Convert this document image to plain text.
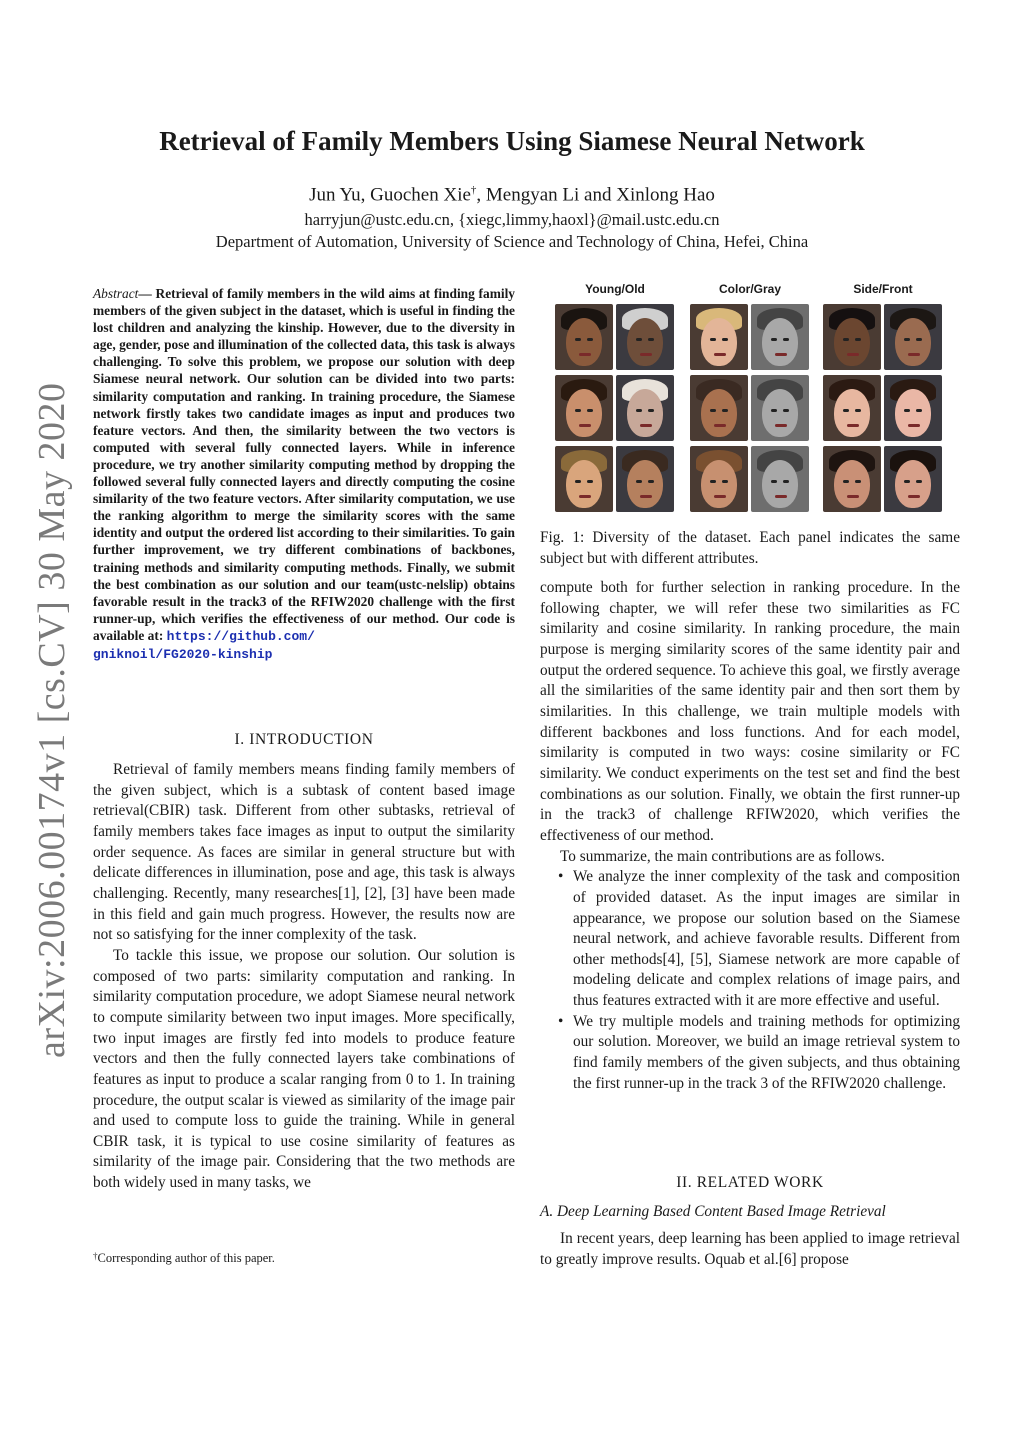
arXiv:2006.00174v1 [cs.CV] 30 May 2020
Retrieval of Family Members Using Siamese Neural Network
Jun Yu, Guochen Xie†, Mengyan Li and Xinlong Hao
harryjun@ustc.edu.cn, {xiegc,limmy,haoxl}@mail.ustc.edu.cn
Department of Automation, University of Science and Technology of China, Hefei, China
Abstract— Retrieval of family members in the wild aims at finding family members of the given subject in the dataset, which is useful in finding the lost children and analyzing the kinship. However, due to the diversity in age, gender, pose and illumination of the collected data, this task is always challenging. To solve this problem, we propose our solution with deep Siamese neural network. Our solution can be divided into two parts: similarity computation and ranking. In training procedure, the Siamese network firstly takes two candidate images as input and produces two feature vectors. And then, the similarity between the two vectors is computed with several fully connected layers. While in inference procedure, we try another similarity computing method by dropping the followed several fully connected layers and directly computing the cosine similarity of the two feature vectors. After similarity computation, we use the ranking algorithm to merge the similarity scores with the same identity and output the ordered list according to their similarities. To gain further improvement, we try different combinations of backbones, training methods and similarity computing methods. Finally, we submit the best combination as our solution and our team(ustc-nelslip) obtains favorable result in the track3 of the RFIW2020 challenge with the first runner-up, which verifies the effectiveness of our method. Our code is available at: https://github.com/
gniknoil/FG2020-kinship
I. INTRODUCTION

Retrieval of family members means finding family members of the given subject, which is a subtask of content based image retrieval(CBIR) task. Different from other subtasks, retrieval of family members takes face images as input to output the similarity order sequence. As faces are similar in general structure but with delicate differences in illumination, pose and age, this task is always challenging. Recently, many researches[1], [2], [3] have been made in this field and gain much progress. However, the results now are not so satisfying for the inner complexity of the task.

To tackle this issue, we propose our solution. Our solution is composed of two parts: similarity computation and ranking. In similarity computation procedure, we adopt Siamese neural network to compute similarity between two input images. More specifically, two input images are firstly fed into models to produce feature vectors and then the fully connected layers take combinations of features as input to produce a scalar ranging from 0 to 1. In training procedure, the output scalar is viewed as similarity of the image pair and used to compute loss to guide the training. While in general CBIR task, it is typical to use cosine similarity of features as similarity of the image pair. Considering that the two methods are both widely used in many tasks, we

†Corresponding author of this paper.
Young/Old	Color/Gray	Side/Front
Fig. 1: Diversity of the dataset. Each panel indicates the same subject but with different attributes.

compute both for further selection in ranking procedure. In the following chapter, we will refer these two similarities as FC similarity and cosine similarity. In ranking procedure, the main purpose is merging similarity scores of the same identity pair and output the ordered sequence. To achieve this goal, we firstly average all the similarities of the same identity pair and then sort them by similarities. In this challenge, we train multiple models with different backbones and loss functions. And for each model, similarity is computed in two ways: cosine similarity or FC similarity. We conduct experiments on the test set and find the best combinations as our solution. Finally, we obtain the first runner-up in the track3 of challenge RFIW2020, which verifies the effectiveness of our method.

To summarize, the main contributions are as follows.

• We analyze the inner complexity of the task and composition of provided dataset. As the input images are similar in appearance, we propose our solution based on the Siamese neural network, and achieve favorable results. Different from other methods[4], [5], Siamese network are more capable of modeling delicate and complex relations of image pairs, and thus features extracted with it are more effective and useful.
• We try multiple models and training methods for optimizing our solution. Moreover, we build an image retrieval system to find family members of the given subjects, and thus obtaining the first runner-up in the track 3 of the RFIW2020 challenge.
II. RELATED WORK
A. Deep Learning Based Content Based Image Retrieval

In recent years, deep learning has been applied to image retrieval to greatly improve results. Oquab et al.[6] propose
